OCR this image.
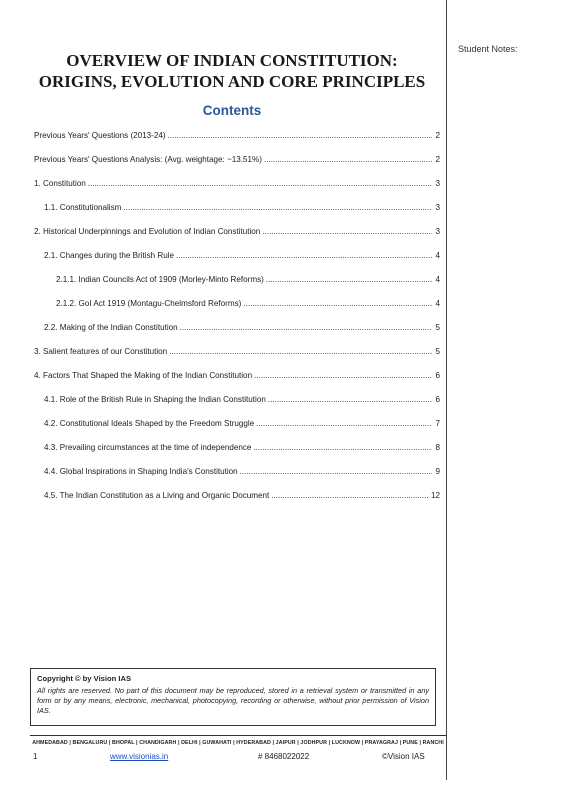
Student Notes:
OVERVIEW OF INDIAN CONSTITUTION:
ORIGINS, EVOLUTION AND CORE PRINCIPLES
Contents
Previous Years' Questions (2013-24) .....	2
Previous Years' Questions Analysis: (Avg. weightage: ~13.51%) .....	2
1. Constitution .....	3
1.1. Constitutionalism .....	3
2. Historical Underpinnings and Evolution of Indian Constitution .....	3
2.1. Changes during the British Rule .....	4
2.1.1. Indian Councils Act of 1909 (Morley-Minto Reforms) .....	4
2.1.2. GoI Act 1919 (Montagu-Chelmsford Reforms) .....	4
2.2. Making of the Indian Constitution .....	5
3. Salient features of our Constitution .....	5
4. Factors That Shaped the Making of the Indian Constitution .....	6
4.1. Role of the British Rule in Shaping the Indian Constitution .....	6
4.2. Constitutional Ideals Shaped by the Freedom Struggle .....	7
4.3. Prevailing circumstances at the time of independence .....	8
4.4. Global Inspirations in Shaping India's Constitution .....	9
4.5. The Indian Constitution as a Living and Organic Document .....	12
Copyright © by Vision IAS
All rights are reserved. No part of this document may be reproduced, stored in a retrieval system or transmitted in any form or by any means, electronic, mechanical, photocopying, recording or otherwise, without prior permission of Vision IAS.
AHMEDABAD | BENGALURU | BHOPAL | CHANDIGARH | DELHI | GUWAHATI | HYDERABAD | JAIPUR | JODHPUR | LUCKNOW | PRAYAGRAJ | PUNE | RANCHI
1	www.visionias.in	# 8468022022	©Vision IAS
